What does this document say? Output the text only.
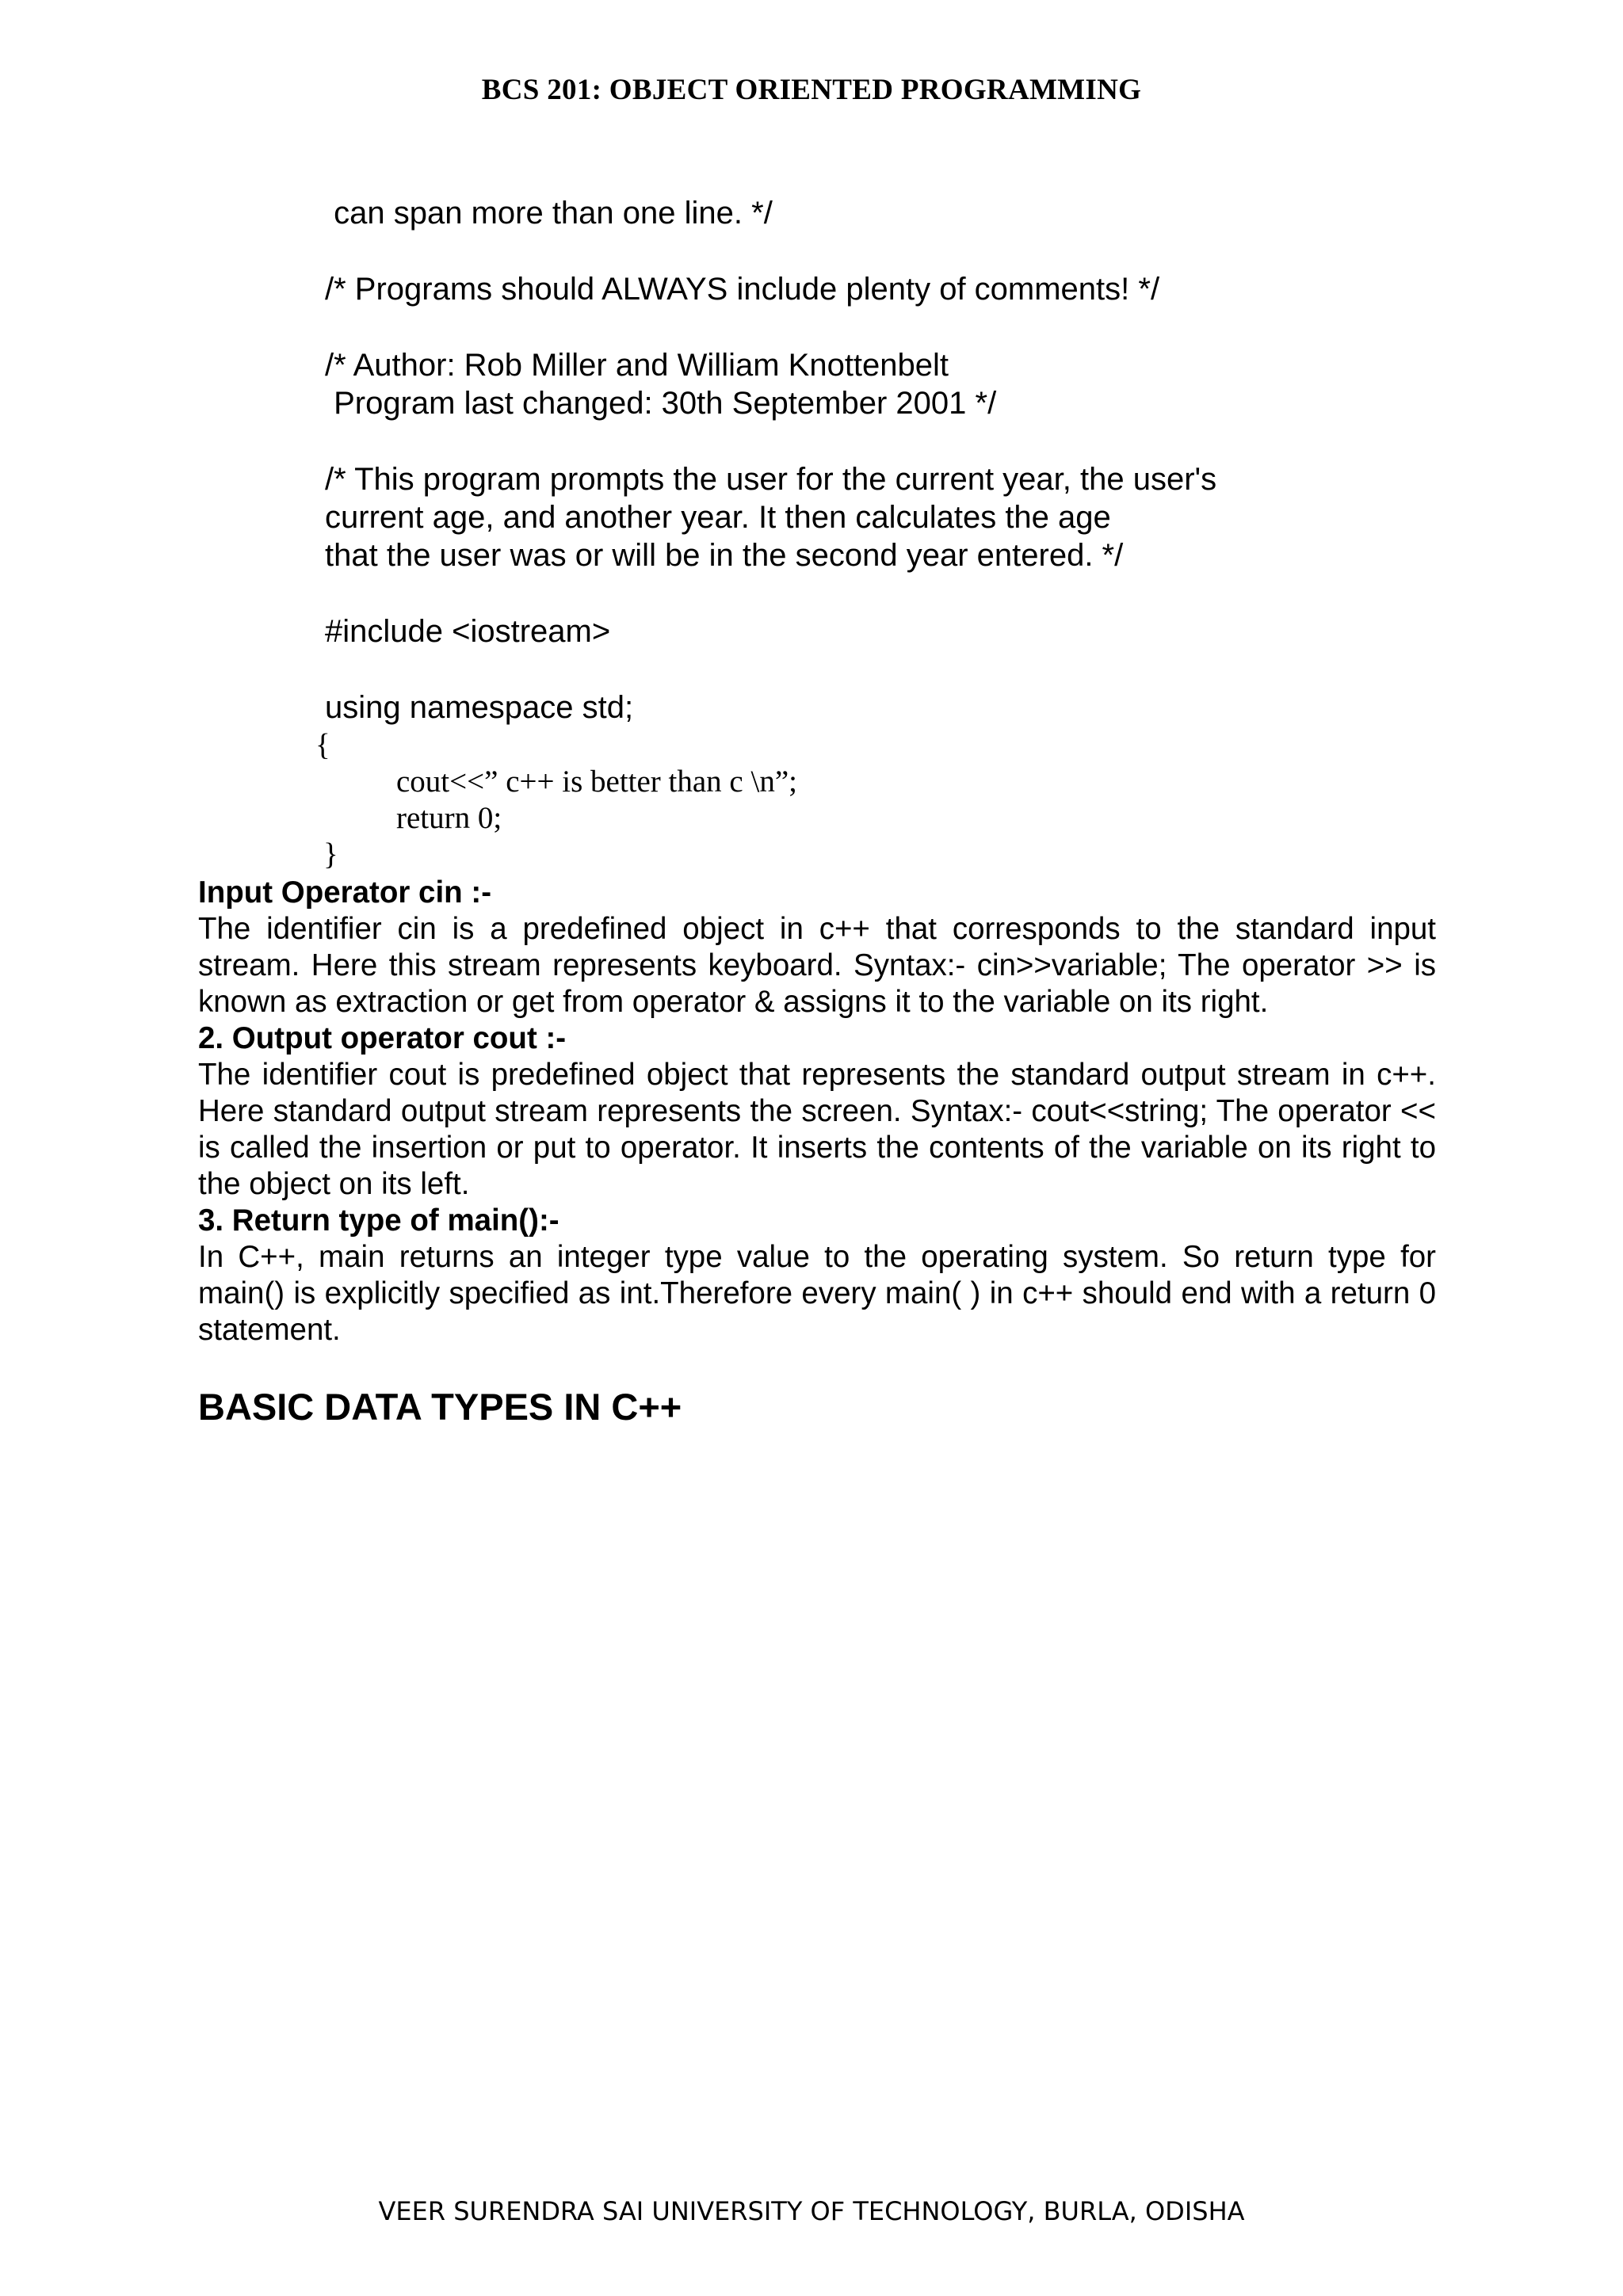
BCS 201: OBJECT ORIENTED PROGRAMMING
can span more than one line. */
/* Programs should ALWAYS include plenty of comments! */
/* Author: Rob Miller and William Knottenbelt
Program last changed: 30th September 2001 */
/* This program prompts the user for the current year, the user's
current age, and another year. It then calculates the age
that the user was or will be in the second year entered. */
#include <iostream>
using namespace std;
{
cout<<” c++ is better than c \n”;
return 0;
}
Input Operator cin :-
The identifier cin is a predefined object in c++ that corresponds to the standard input stream. Here this stream represents keyboard. Syntax:- cin>>variable; The operator >> is known as extraction or get from operator & assigns it to the variable on its right.
2. Output operator cout :-
The identifier cout is predefined object that represents the standard output stream in c++. Here standard output stream represents the screen. Syntax:- cout<<string; The operator << is called the insertion or put to operator. It inserts the contents of the variable on its right to the object on its left.
3. Return type of main():-
In C++, main returns an integer type value to the operating system. So return type for main() is explicitly specified as int.Therefore every main( ) in c++ should end with a return 0 statement.
BASIC DATA TYPES IN C++
VEER SURENDRA SAI UNIVERSITY OF TECHNOLOGY, BURLA, ODISHA
